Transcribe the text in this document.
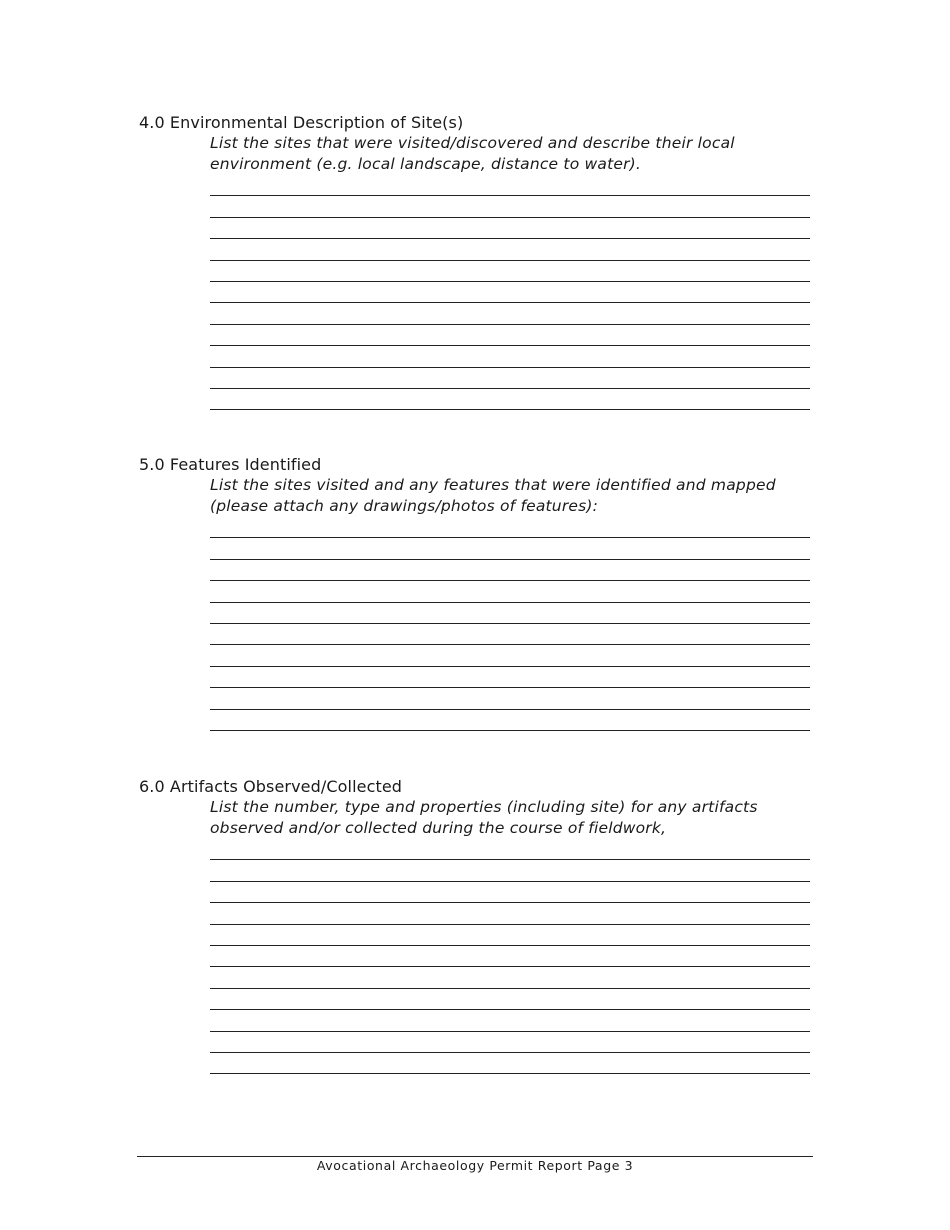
4.0 Environmental Description of Site(s)

List the sites that were visited/discovered and describe their local environment (e.g. local landscape, distance to water).

5.0 Features Identified

List the sites visited and any features that were identified and mapped (please attach any drawings/photos of features):

6.0 Artifacts Observed/Collected

List the number, type and properties (including site) for any artifacts observed and/or collected during the course of fieldwork,

Avocational Archaeology Permit Report Page 3
